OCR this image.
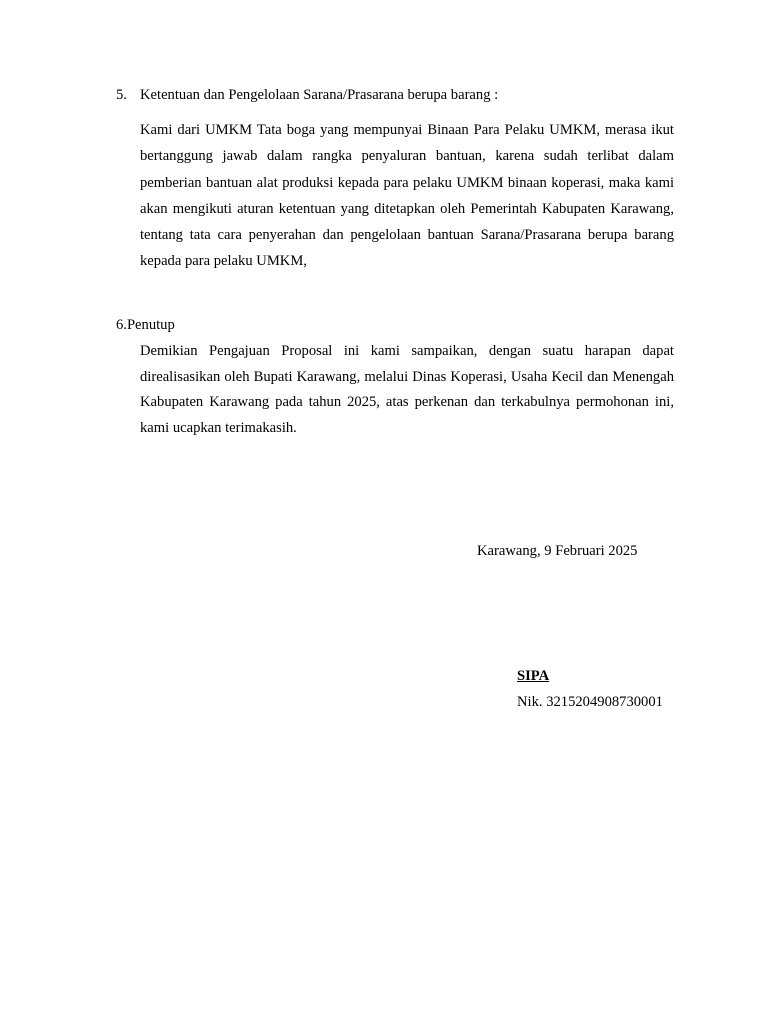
5. Ketentuan dan Pengelolaan Sarana/Prasarana berupa barang :

Kami dari UMKM Tata boga yang mempunyai Binaan Para Pelaku UMKM, merasa ikut bertanggung jawab dalam rangka penyaluran bantuan, karena sudah terlibat dalam pemberian bantuan alat produksi kepada para pelaku UMKM binaan koperasi, maka kami akan mengikuti aturan ketentuan yang ditetapkan oleh Pemerintah Kabupaten Karawang, tentang tata cara penyerahan dan pengelolaan bantuan Sarana/Prasarana berupa barang kepada para pelaku UMKM,

6.Penutup

Demikian Pengajuan Proposal ini kami sampaikan, dengan suatu harapan dapat direalisasikan oleh Bupati Karawang, melalui Dinas Koperasi, Usaha Kecil dan Menengah Kabupaten Karawang pada tahun 2025, atas perkenan dan terkabulnya permohonan ini, kami ucapkan terimakasih.

Karawang, 9 Februari 2025
SIPA
Nik. 3215204908730001
